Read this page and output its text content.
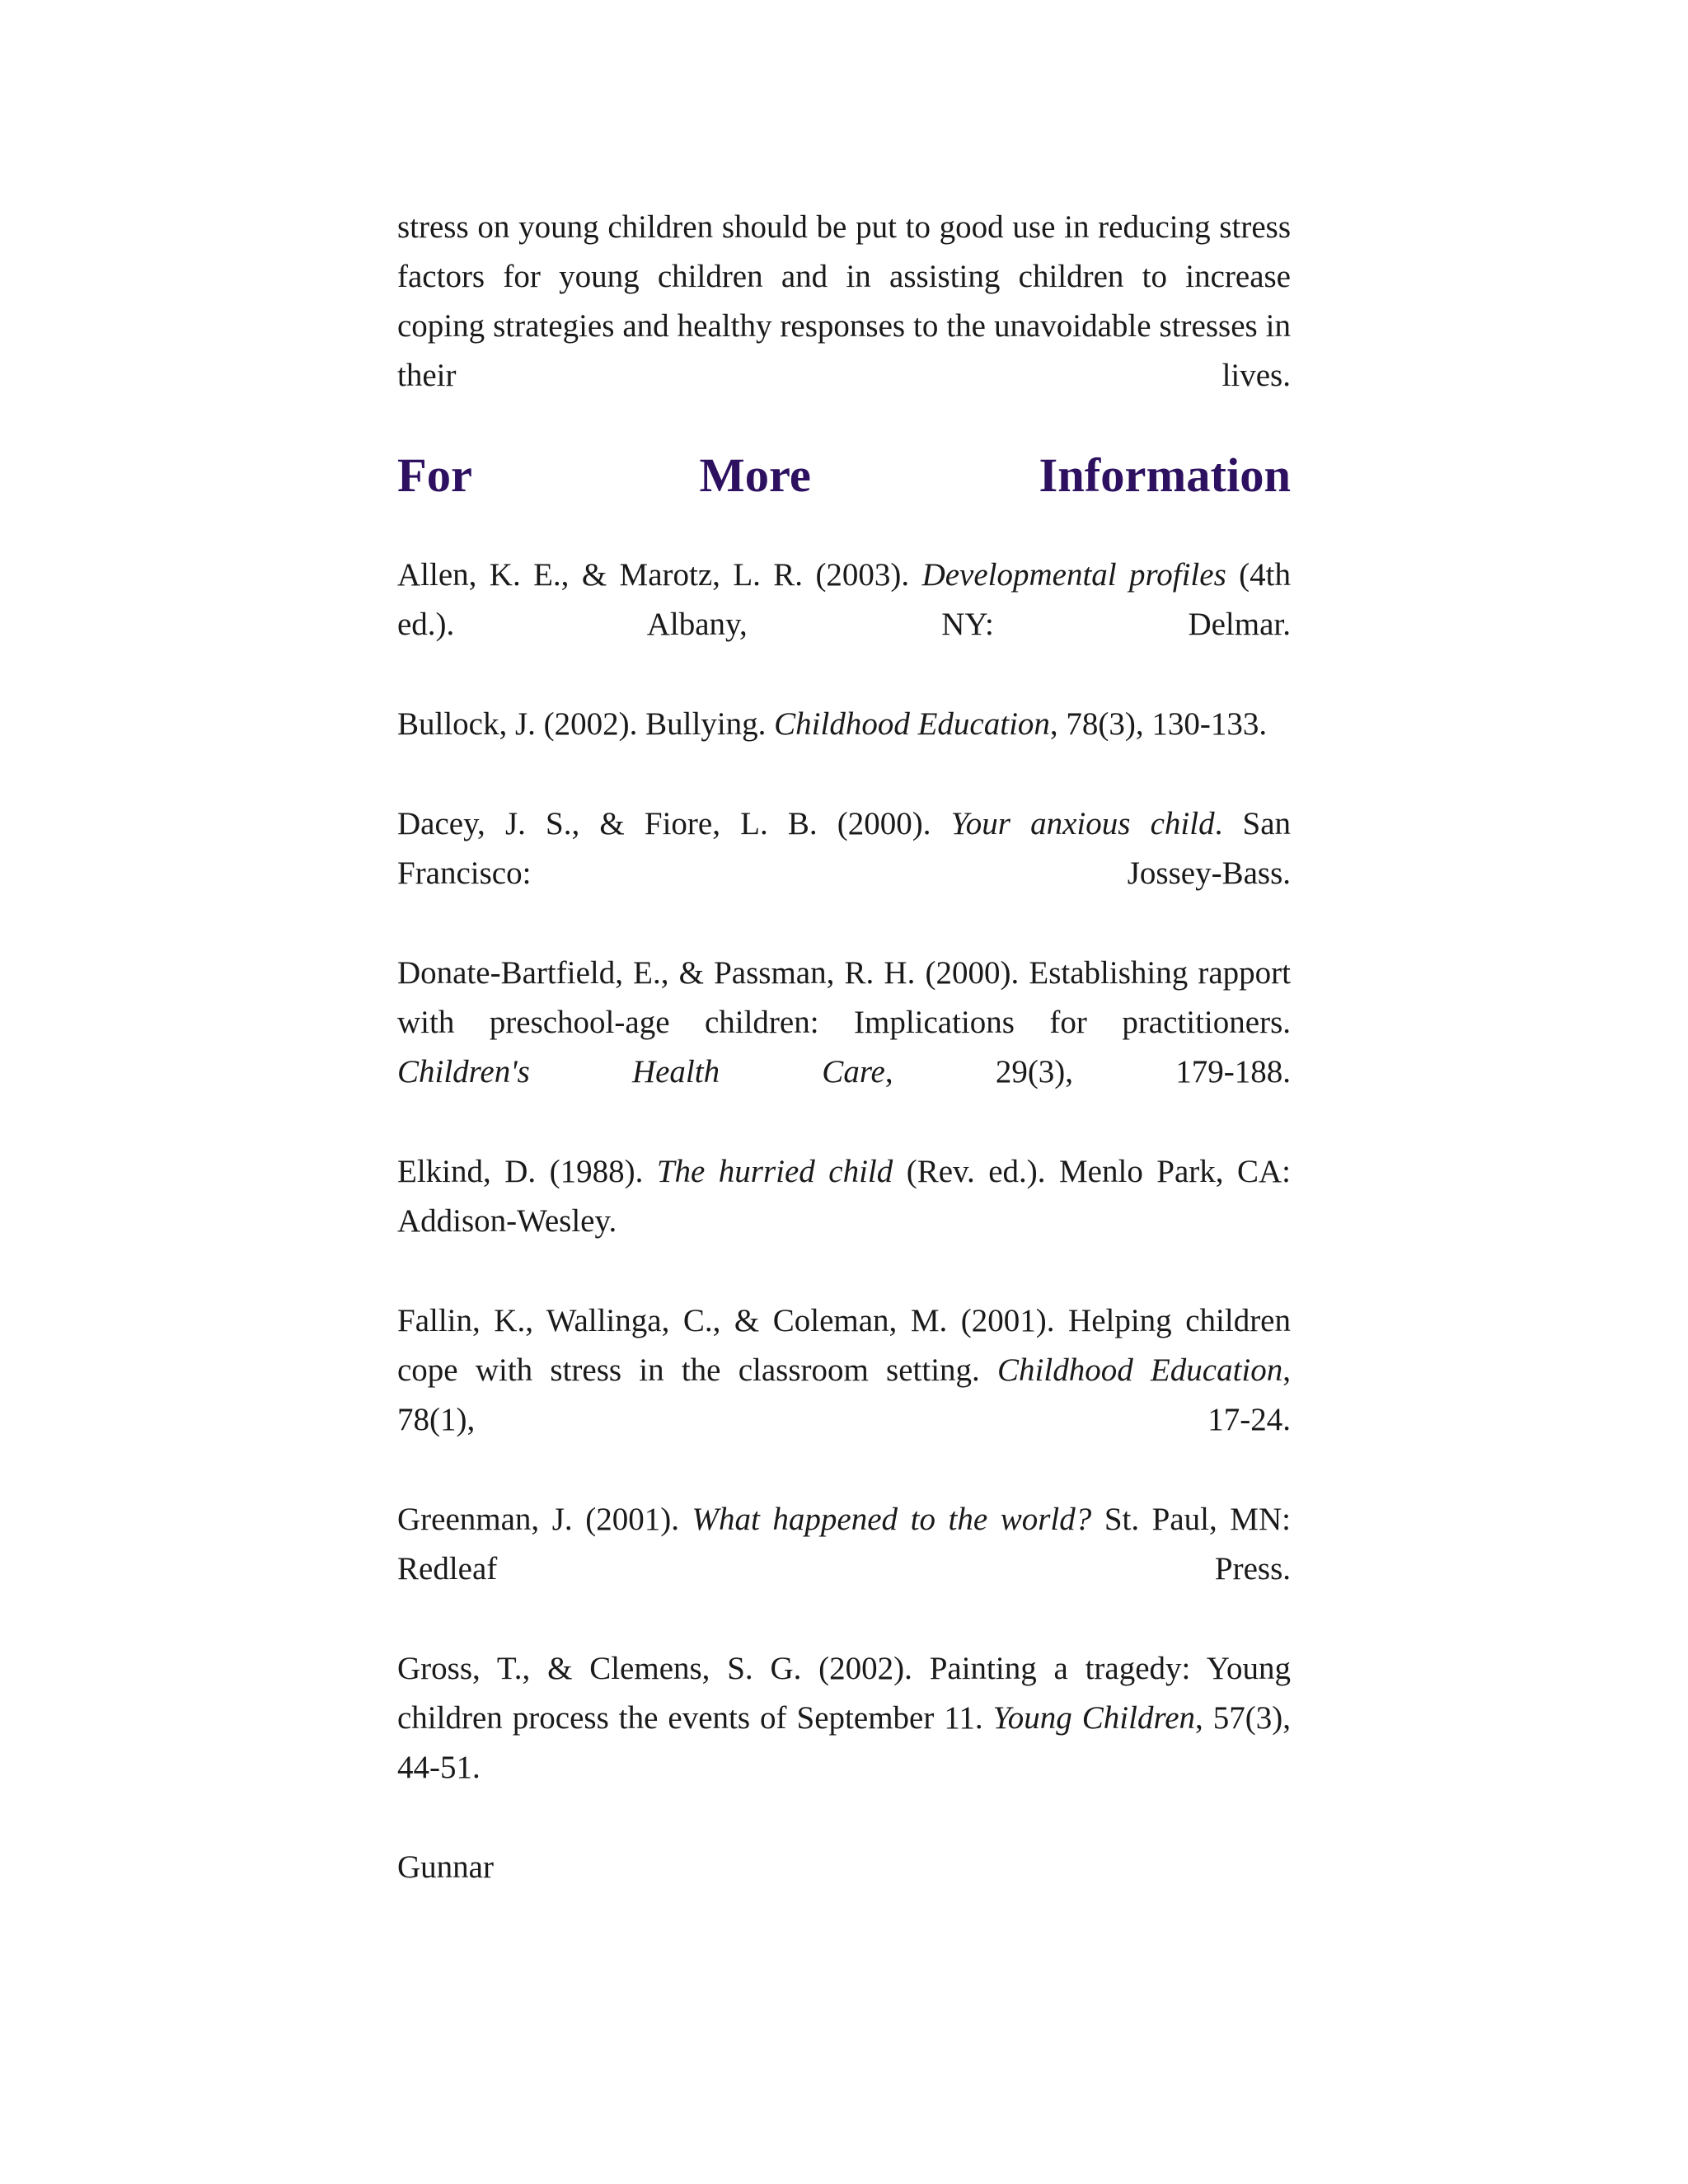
stress on young children should be put to good use in reducing stress factors for young children and in assisting children to increase coping strategies and healthy responses to the unavoidable stresses in their lives.

For More Information

Allen, K. E., & Marotz, L. R. (2003). Developmental profiles (4th ed.). Albany, NY: Delmar.

Bullock, J. (2002). Bullying. Childhood Education, 78(3), 130-133.

Dacey, J. S., & Fiore, L. B. (2000). Your anxious child. San Francisco: Jossey-Bass.

Donate-Bartfield, E., & Passman, R. H. (2000). Establishing rapport with preschool-age children: Implications for practitioners. Children's Health Care, 29(3), 179-188.

Elkind, D. (1988). The hurried child (Rev. ed.). Menlo Park, CA: Addison-Wesley.

Fallin, K., Wallinga, C., & Coleman, M. (2001). Helping children cope with stress in the classroom setting. Childhood Education, 78(1), 17-24.

Greenman, J. (2001). What happened to the world? St. Paul, MN: Redleaf Press.

Gross, T., & Clemens, S. G. (2002). Painting a tragedy: Young children process the events of September 11. Young Children, 57(3), 44-51.

Gunnar
